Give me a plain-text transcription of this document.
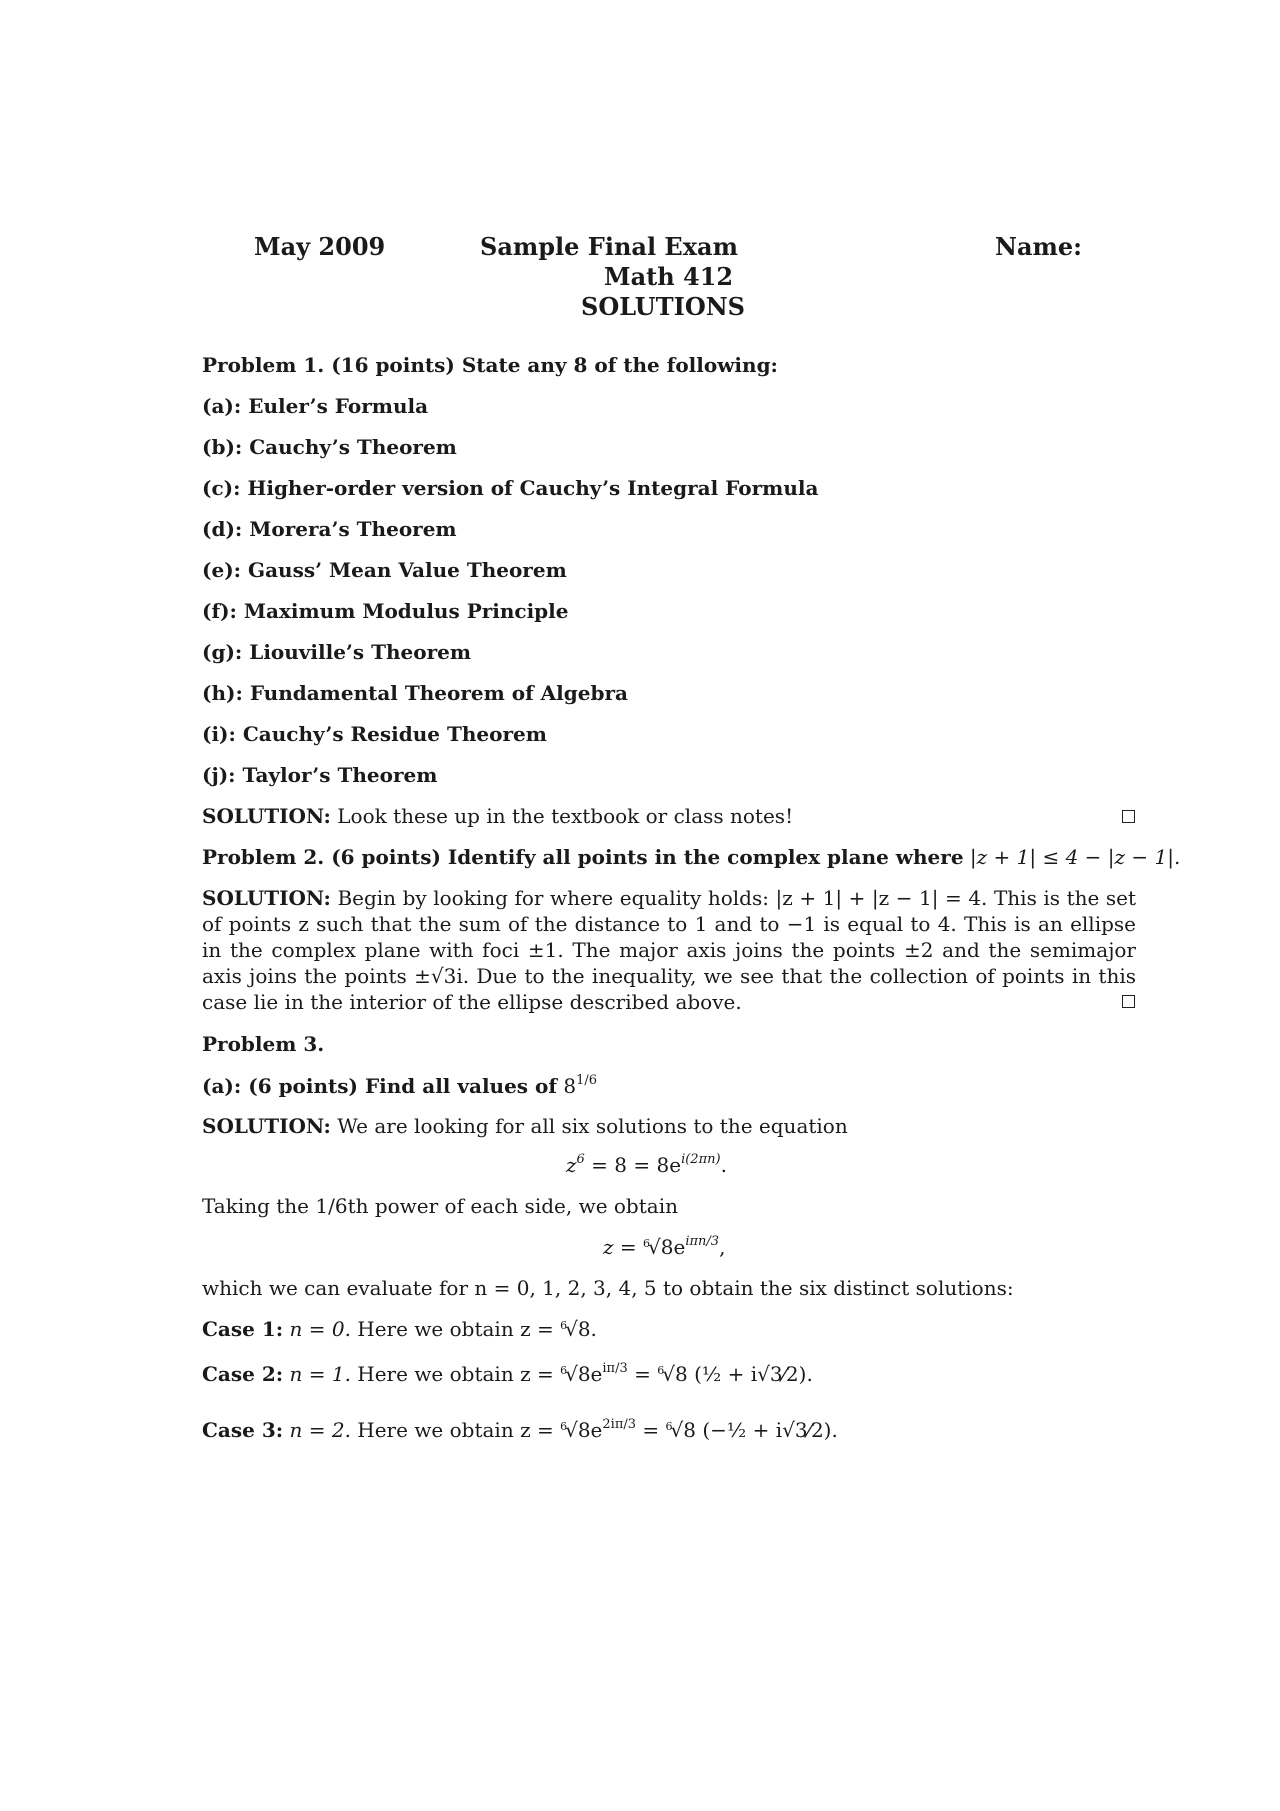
May 2009	Sample Final Exam
Math 412
SOLUTIONS
Name:
Problem 1. (16 points) State any 8 of the following:
(a): Euler’s Formula
(b): Cauchy’s Theorem
(c): Higher-order version of Cauchy’s Integral Formula
(d): Morera’s Theorem
(e): Gauss’ Mean Value Theorem
(f): Maximum Modulus Principle
(g): Liouville’s Theorem
(h): Fundamental Theorem of Algebra
(i): Cauchy’s Residue Theorem
(j): Taylor’s Theorem
SOLUTION: Look these up in the textbook or class notes!
Problem 2. (6 points) Identify all points in the complex plane where |z + 1| ≤ 4 − |z − 1|.
SOLUTION: Begin by looking for where equality holds: |z + 1| + |z − 1| = 4. This is the set of points z such that the sum of the distance to 1 and to −1 is equal to 4. This is an ellipse in the complex plane with foci ±1. The major axis joins the points ±2 and the semimajor axis joins the points ±√3i. Due to the inequality, we see that the collection of points in this case lie in the interior of the ellipse described above.
Problem 3.
(a): (6 points) Find all values of $8^{1/6}$
SOLUTION: We are looking for all six solutions to the equation
$z^6 = 8 = 8e^{i(2\pi n)}$.
Taking the 1/6th power of each side, we obtain
$z = ^6√8e^{i\pi n/3}$,
which we can evaluate for n = 0, 1, 2, 3, 4, 5 to obtain the six distinct solutions:
Case 1: n = 0. Here we obtain z = $^6$√8.
Case 2: n = 1. Here we obtain $z = ^6√8e^{i\pi/3} = ^6√8$ (½ + i√3⁄2).
Case 3: n = 2. Here we obtain $z = ^6√8e^{2i\pi/3} = ^6√8$ (−½ + i√3⁄2).
